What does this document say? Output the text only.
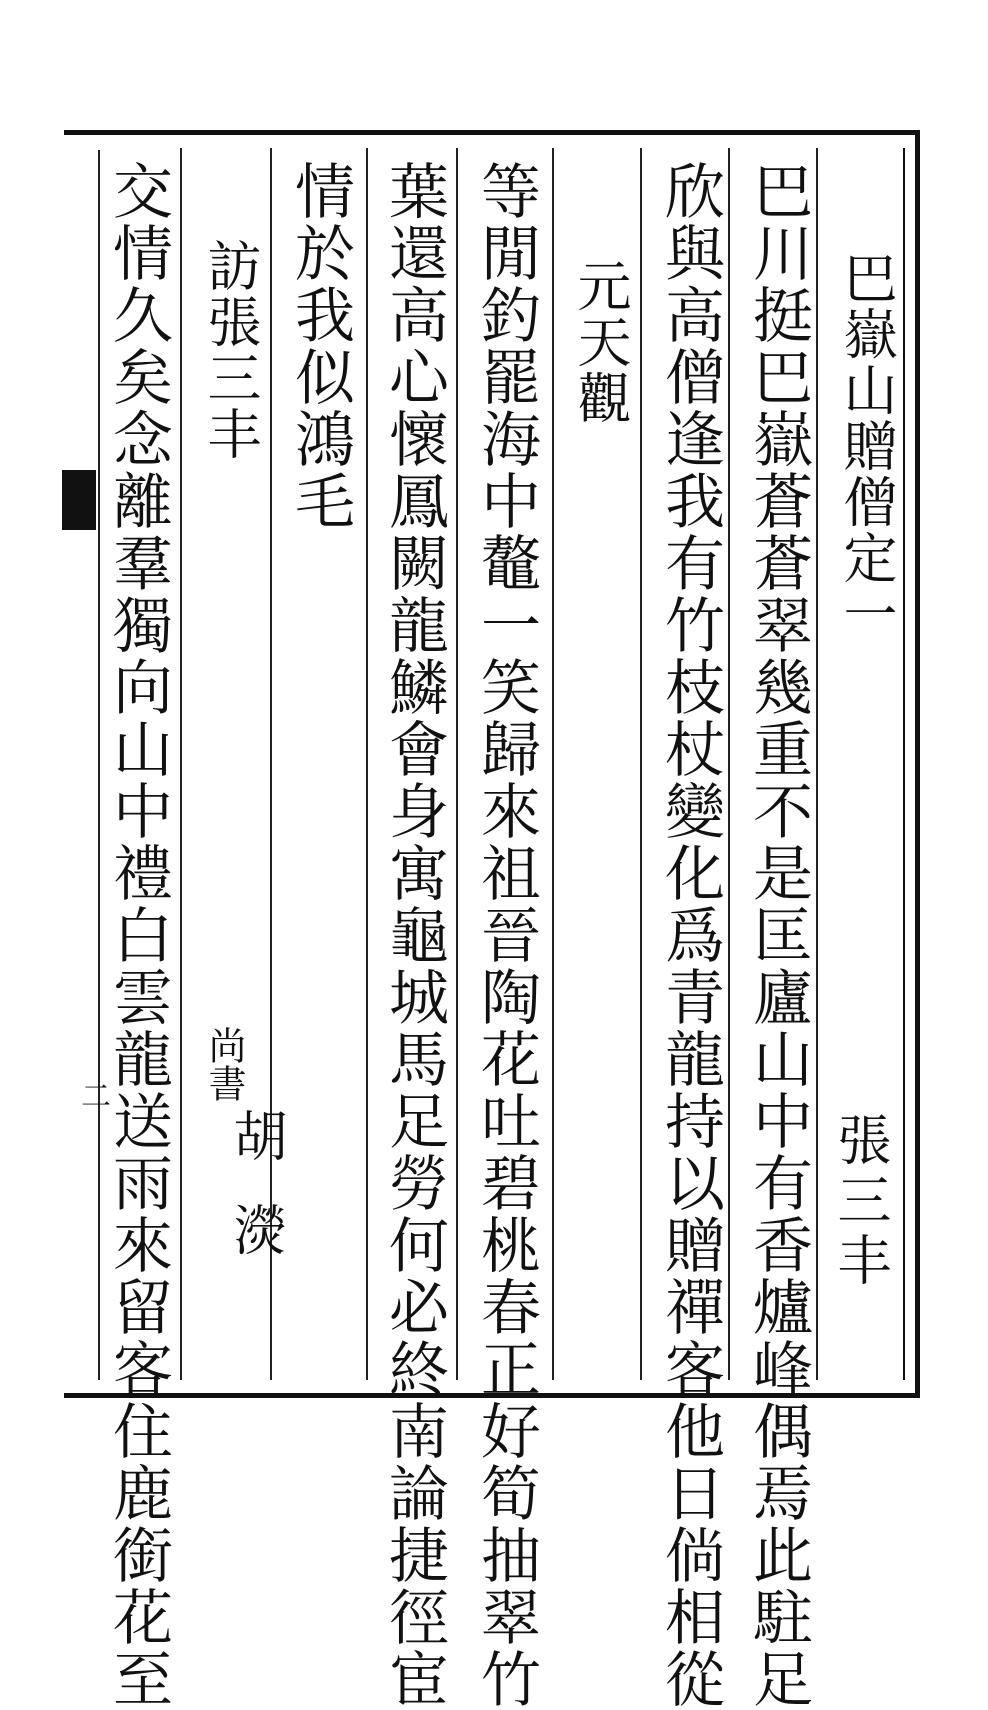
二
巴嶽山贈僧定一
張三丰
巴川挺巴嶽蒼蒼翠幾重不是匡廬山中有香爐峰偶焉此駐足
欣與高僧逢我有竹枝杖變化爲青龍持以贈禪客他日倘相從
元天觀
等閒釣罷海中鼇一笑歸來祖晉陶花吐碧桃春正好筍抽翠竹
葉還高心懷鳳闕龍鱗會身寓龜城馬足勞何必終南論捷徑宦
情於我似鴻毛
訪張三丰
尚書
胡濙
交情久矣念離羣獨向山中禮白雲龍送雨來留客住鹿銜花至
